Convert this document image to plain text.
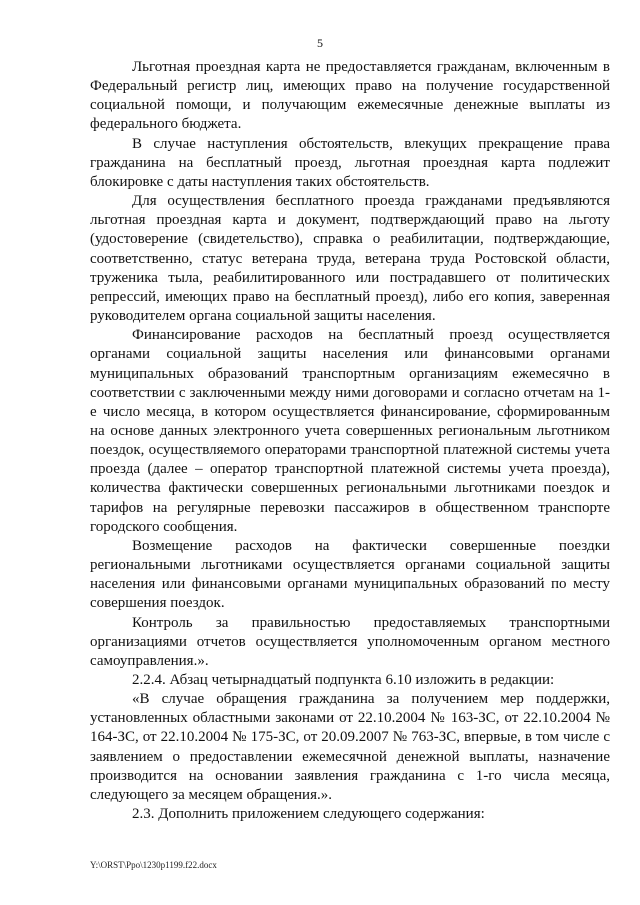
5

Льготная проездная карта не предоставляется гражданам, включенным в Федеральный регистр лиц, имеющих право на получение государственной социальной помощи, и получающим ежемесячные денежные выплаты из федерального бюджета.

В случае наступления обстоятельств, влекущих прекращение права гражданина на бесплатный проезд, льготная проездная карта подлежит блокировке с даты наступления таких обстоятельств.

Для осуществления бесплатного проезда гражданами предъявляются льготная проездная карта и документ, подтверждающий право на льготу (удостоверение (свидетельство), справка о реабилитации, подтверждающие, соответственно, статус ветерана труда, ветерана труда Ростовской области, труженика тыла, реабилитированного или пострадавшего от политических репрессий, имеющих право на бесплатный проезд), либо его копия, заверенная руководителем органа социальной защиты населения.

Финансирование расходов на бесплатный проезд осуществляется органами социальной защиты населения или финансовыми органами муниципальных образований транспортным организациям ежемесячно в соответствии с заключенными между ними договорами и согласно отчетам на 1-е число месяца, в котором осуществляется финансирование, сформированным на основе данных электронного учета совершенных региональным льготником поездок, осуществляемого операторами транспортной платежной системы учета проезда (далее – оператор транспортной платежной системы учета проезда), количества фактически совершенных региональными льготниками поездок и тарифов на регулярные перевозки пассажиров в общественном транспорте городского сообщения.

Возмещение расходов на фактически совершенные поездки региональными льготниками осуществляется органами социальной защиты населения или финансовыми органами муниципальных образований по месту совершения поездок.

Контроль за правильностью предоставляемых транспортными организациями отчетов осуществляется уполномоченным органом местного самоуправления.».

2.2.4. Абзац четырнадцатый подпункта 6.10 изложить в редакции:

«В случае обращения гражданина за получением мер поддержки, установленных областными законами от 22.10.2004 № 163-ЗС, от 22.10.2004 № 164-ЗС, от 22.10.2004 № 175-ЗС, от 20.09.2007 № 763-ЗС, впервые, в том числе с заявлением о предоставлении ежемесячной денежной выплаты, назначение производится на основании заявления гражданина с 1-го числа месяца, следующего за месяцем обращения.».

2.3. Дополнить приложением следующего содержания:

Y:\ORST\Ppo\1230p1199.f22.docx
